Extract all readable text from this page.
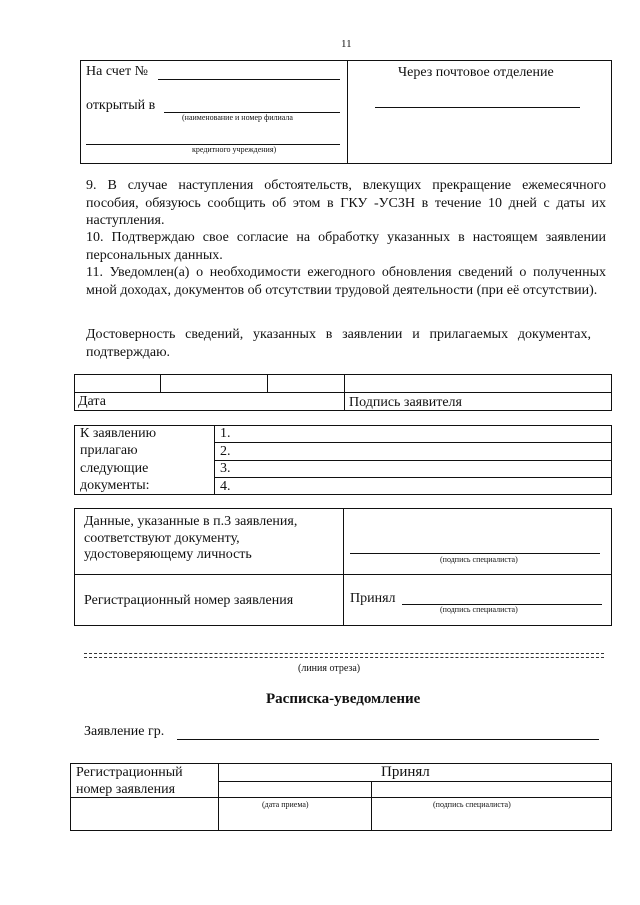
11
На счет №
открытый в
(наименование и номер филиала
кредитного учреждения)
Через почтовое отделение
9. В случае наступления обстоятельств, влекущих прекращение ежемесячного пособия, обязуюсь сообщить об этом в ГКУ -УСЗН в течение 10 дней с даты их наступления.
10. Подтверждаю свое согласие на обработку указанных в настоящем заявлении персональных данных.
11. Уведомлен(а) о необходимости ежегодного обновления сведений о полученных мной доходах, документов об отсутствии трудовой деятельности (при её отсутствии).
Достоверность сведений, указанных в заявлении и прилагаемых документах, подтверждаю.
Дата	Подпись заявителя
К заявлению
прилагаю
следующие
документы:
1.
2.
3.
4.
Данные, указанные в п.3 заявления,
соответствуют документу,
удостоверяющему личность	(подпись специалиста)
Регистрационный номер заявления	Принял
(подпись специалиста)
(линия отреза)
Расписка-уведомление
Заявление гр.
Регистрационный
номер заявления
Принял
(дата приема)	(подпись специалиста)
